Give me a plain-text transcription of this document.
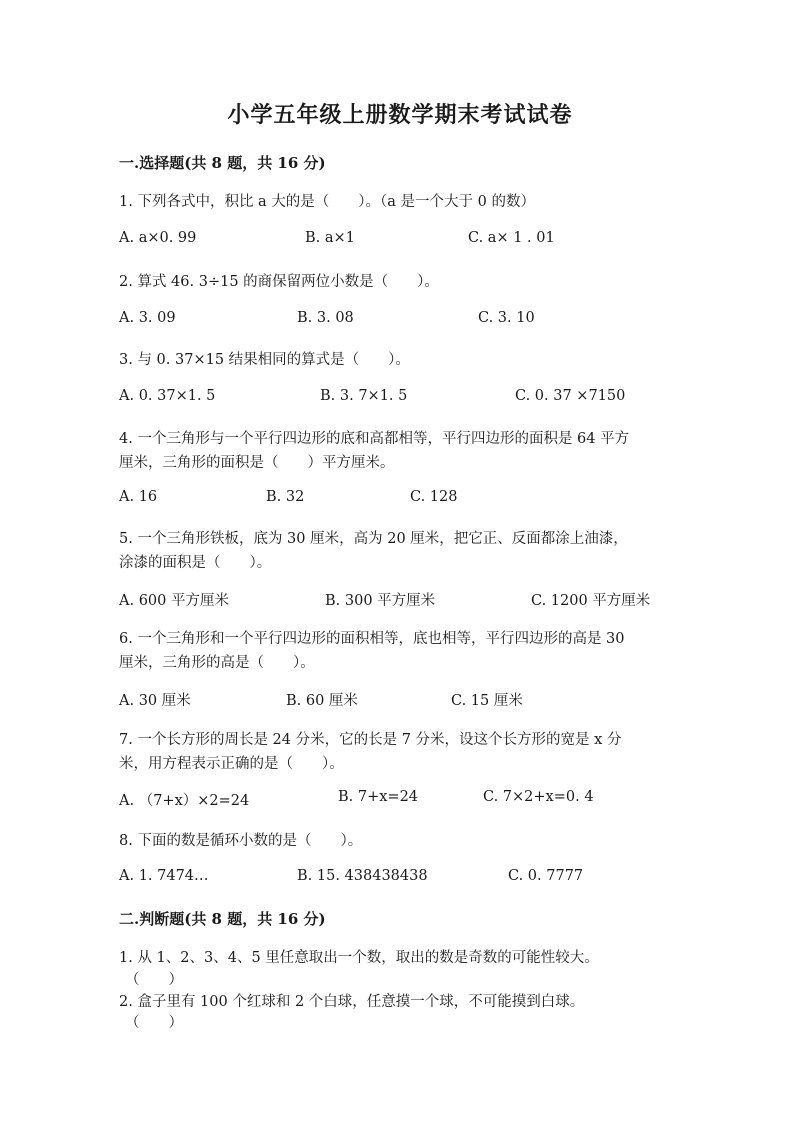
小学五年级上册数学期末考试试卷
一.选择题(共 8 题，共 16 分)
1. 下列各式中，积比 a 大的是（　　）。（a 是一个大于 0 的数）
A. a×0. 99	B. a×1	C. a× 1 . 01
2. 算式 46. 3÷15 的商保留两位小数是（　　）。
A. 3. 09	B. 3. 08	C. 3. 10
3. 与 0. 37×15 结果相同的算式是（　　）。
A. 0. 37×1. 5	B. 3. 7×1. 5	C. 0. 37 ×7150
4. 一个三角形与一个平行四边形的底和高都相等，平行四边形的面积是 64 平方
厘米，三角形的面积是（　　）平方厘米。
A. 16	B. 32	C. 128
5. 一个三角形铁板，底为 30 厘米，高为 20 厘米，把它正、反面都涂上油漆，
涂漆的面积是（　　）。
A. 600 平方厘米	B. 300 平方厘米	C. 1200 平方厘米
6. 一个三角形和一个平行四边形的面积相等，底也相等，平行四边形的高是 30
厘米，三角形的高是（　　）。
A. 30 厘米	B. 60 厘米	C. 15 厘米
7. 一个长方形的周长是 24 分米，它的长是 7 分米，设这个长方形的宽是 x 分
米，用方程表示正确的是（　　）。
A. （7+x）×2=24	B. 7+x=24	C. 7×2+x=0. 4
8. 下面的数是循环小数的是（　　）。
A. 1. 7474…	B. 15. 438438438	C. 0. 7777
二.判断题(共 8 题，共 16 分)
1. 从 1、2、3、4、5 里任意取出一个数，取出的数是奇数的可能性较大。
（　　）
2. 盒子里有 100 个红球和 2 个白球，任意摸一个球，不可能摸到白球。
（　　）
